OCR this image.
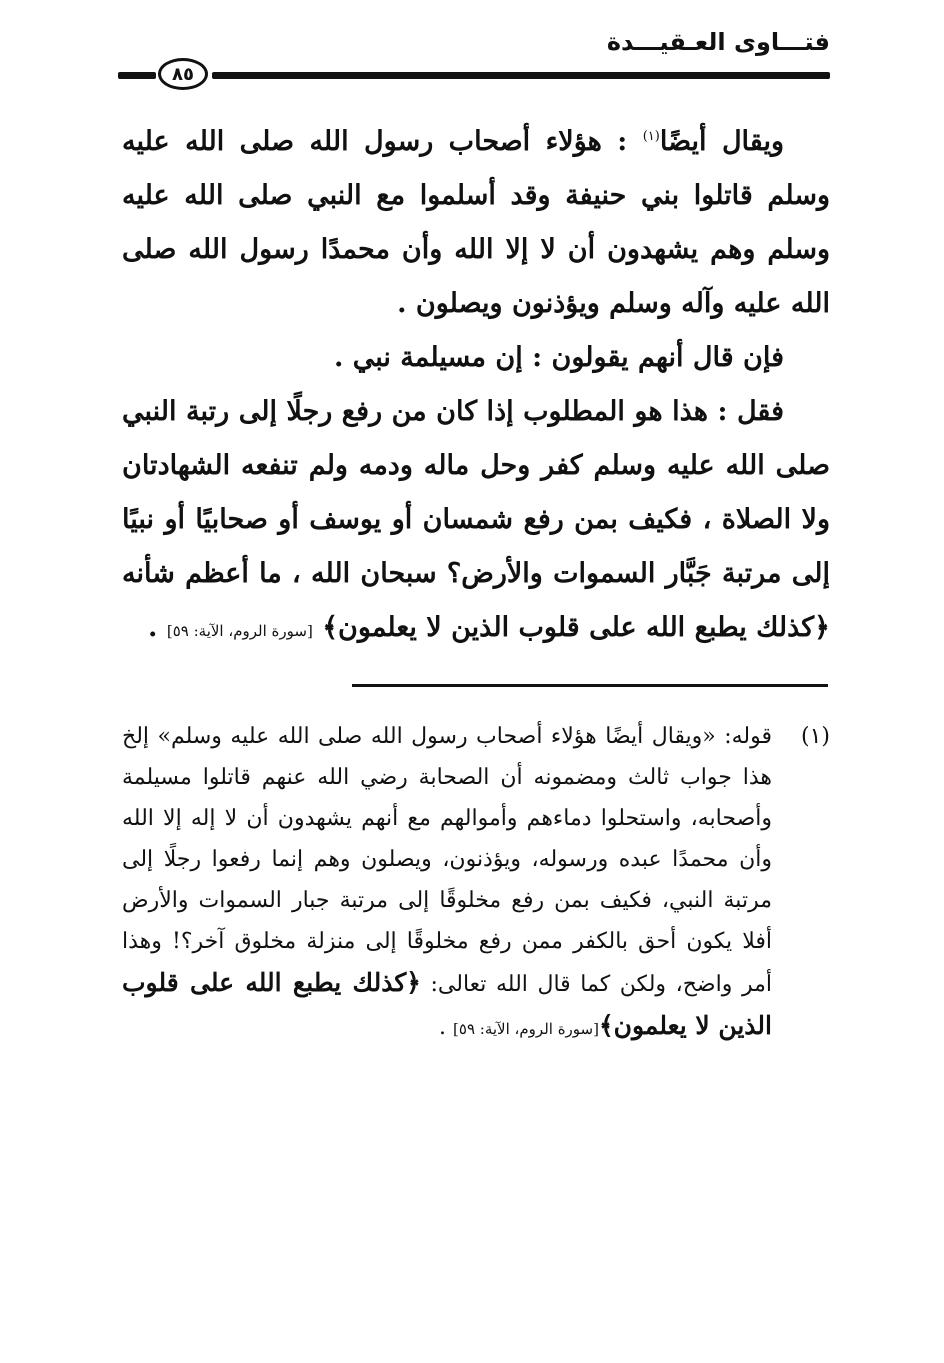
فتـــاوى العـقيـــدة
٨٥

ويقال أيضًا$^{(١)}$ : هؤلاء أصحاب رسول الله صلى الله عليه وسلم قاتلوا بني حنيفة وقد أسلموا مع النبي صلى الله عليه وسلم وهم يشهدون أن لا إلا الله وأن محمدًا رسول الله صلى الله عليه وآله وسلم ويؤذنون ويصلون .

فإن قال أنهم يقولون : إن مسيلمة نبي .

فقل : هذا هو المطلوب إذا كان من رفع رجلًا إلى رتبة النبي صلى الله عليه وسلم كفر وحل ماله ودمه ولم تنفعه الشهادتان ولا الصلاة ، فكيف بمن رفع شمسان أو يوسف أو صحابيًا أو نبيًا إلى مرتبة جَبَّار السموات والأرض؟ سبحان الله ، ما أعظم شأنه ﴿كذلك يطبع الله على قلوب الذين لا يعلمون﴾ [سورة الروم، الآية: ٥٩] .

(١)
قوله: «ويقال أيضًا هؤلاء أصحاب رسول الله صلى الله عليه وسلم» إلخ هذا جواب ثالث ومضمونه أن الصحابة رضي الله عنهم قاتلوا مسيلمة وأصحابه، واستحلوا دماءهم وأموالهم مع أنهم يشهدون أن لا إله إلا الله وأن محمدًا عبده ورسوله، ويؤذنون، ويصلون وهم إنما رفعوا رجلًا إلى مرتبة النبي، فكيف بمن رفع مخلوقًا إلى مرتبة جبار السموات والأرض أفلا يكون أحق بالكفر ممن رفع مخلوقًا إلى منزلة مخلوق آخر؟! وهذا أمر واضح، ولكن كما قال الله تعالى: ﴿كذلك يطبع الله على قلوب الذين لا يعلمون﴾[سورة الروم، الآية: ٥٩] .
